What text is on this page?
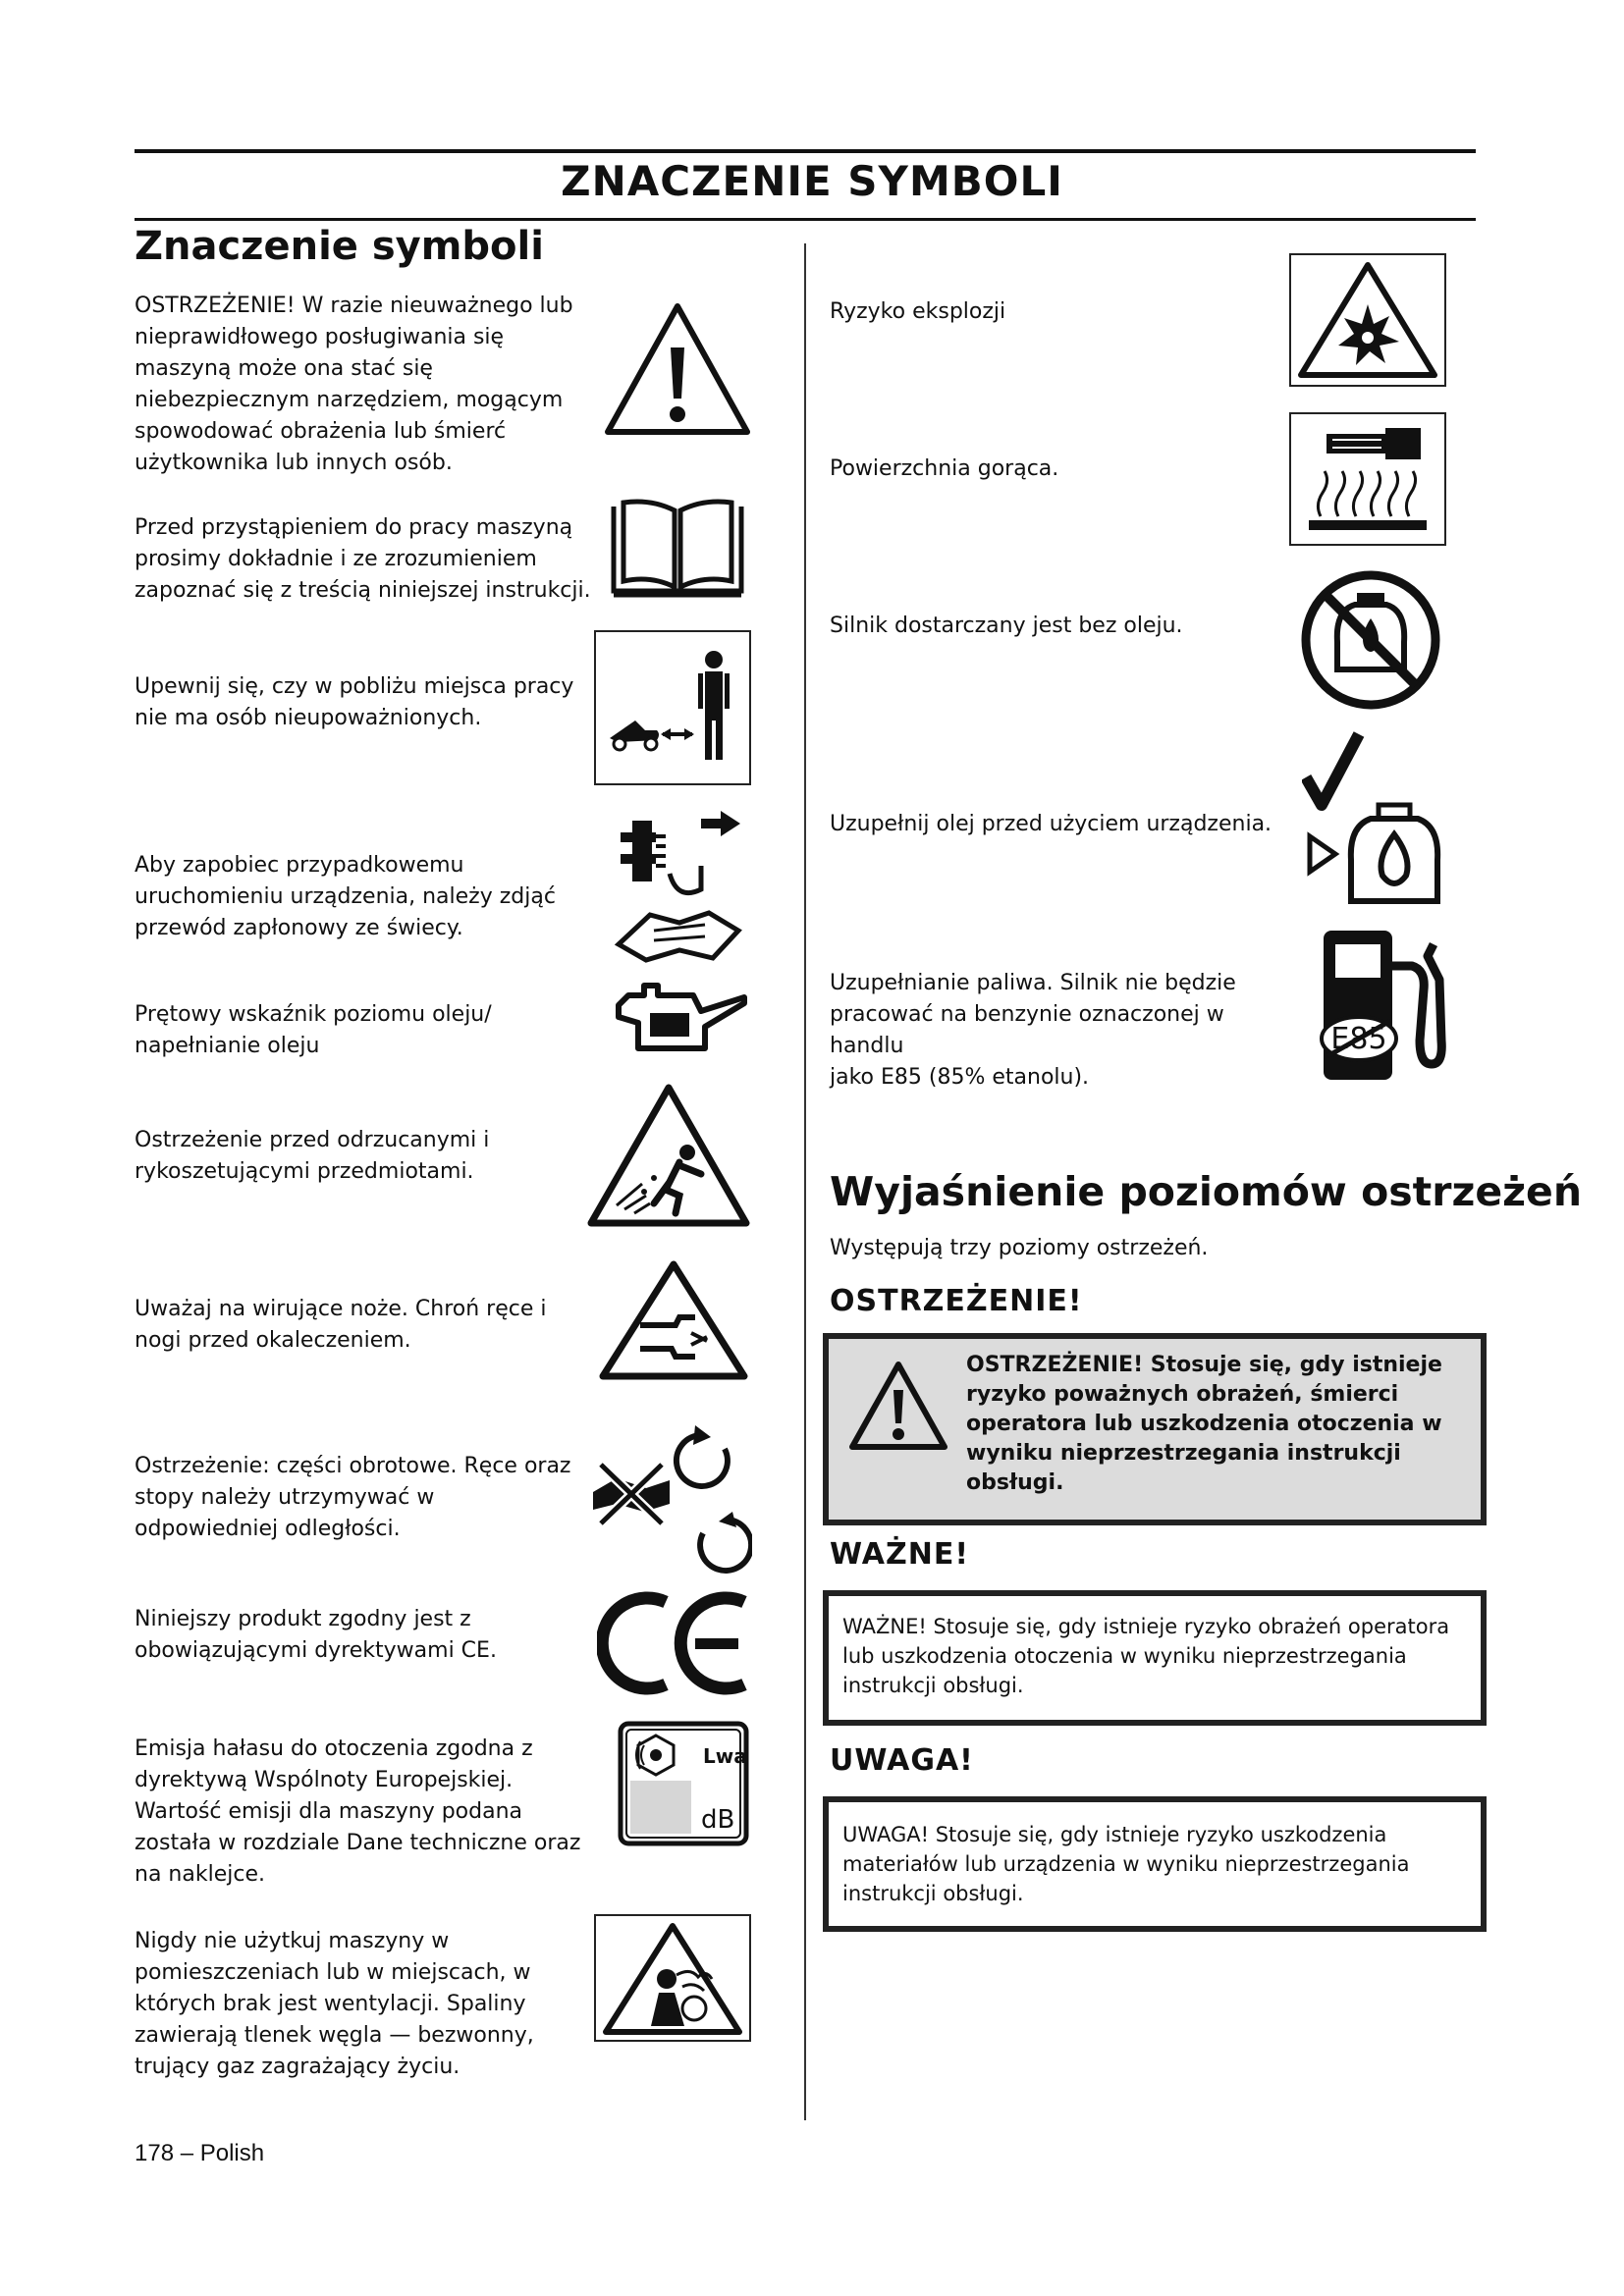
ZNACZENIE SYMBOLI
Znaczenie symboli
OSTRZEŻENIE! W razie nieuważnego lub
nieprawidłowego posługiwania się
maszyną może ona stać się
niebezpiecznym narzędziem, mogącym
spowodować obrażenia lub śmierć
użytkownika lub innych osób.
Przed przystąpieniem do pracy maszyną
prosimy dokładnie i ze zrozumieniem
zapoznać się z treścią niniejszej instrukcji.
Upewnij się, czy w pobliżu miejsca pracy
nie ma osób nieupoważnionych.
Aby zapobiec przypadkowemu
uruchomieniu urządzenia, należy zdjąć
przewód zapłonowy ze świecy.
Prętowy wskaźnik poziomu oleju/
napełnianie oleju
Ostrzeżenie przed odrzucanymi i
rykoszetującymi przedmiotami.
Uważaj na wirujące noże. Chroń ręce i
nogi przed okaleczeniem.
Ostrzeżenie: części obrotowe. Ręce oraz
stopy należy utrzymywać w
odpowiedniej odległości.
Niniejszy produkt zgodny jest z
obowiązującymi dyrektywami CE.
Emisja hałasu do otoczenia zgodna z
dyrektywą Wspólnoty Europejskiej.
Wartość emisji dla maszyny podana
została w rozdziale Dane techniczne oraz
na naklejce.
Lwa
dB
Nigdy nie użytkuj maszyny w
pomieszczeniach lub w miejscach, w
których brak jest wentylacji. Spaliny
zawierają tlenek węgla — bezwonny,
trujący gaz zagrażający życiu.
Ryzyko eksplozji
Powierzchnia gorąca.
Silnik dostarczany jest bez oleju.
Uzupełnij olej przed użyciem urządzenia.
Uzupełnianie paliwa. Silnik nie będzie
pracować na benzynie oznaczonej w handlu
jako E85 (85% etanolu).
E85
Wyjaśnienie poziomów ostrzeżeń
Występują trzy poziomy ostrzeżeń.
OSTRZEŻENIE!
OSTRZEŻENIE! Stosuje się, gdy istnieje
ryzyko poważnych obrażeń, śmierci
operatora lub uszkodzenia otoczenia w
wyniku nieprzestrzegania instrukcji
obsługi.
WAŻNE!
WAŻNE! Stosuje się, gdy istnieje ryzyko obrażeń operatora
lub uszkodzenia otoczenia w wyniku nieprzestrzegania
instrukcji obsługi.
UWAGA!
UWAGA! Stosuje się, gdy istnieje ryzyko uszkodzenia
materiałów lub urządzenia w wyniku nieprzestrzegania
instrukcji obsługi.
178 – Polish
